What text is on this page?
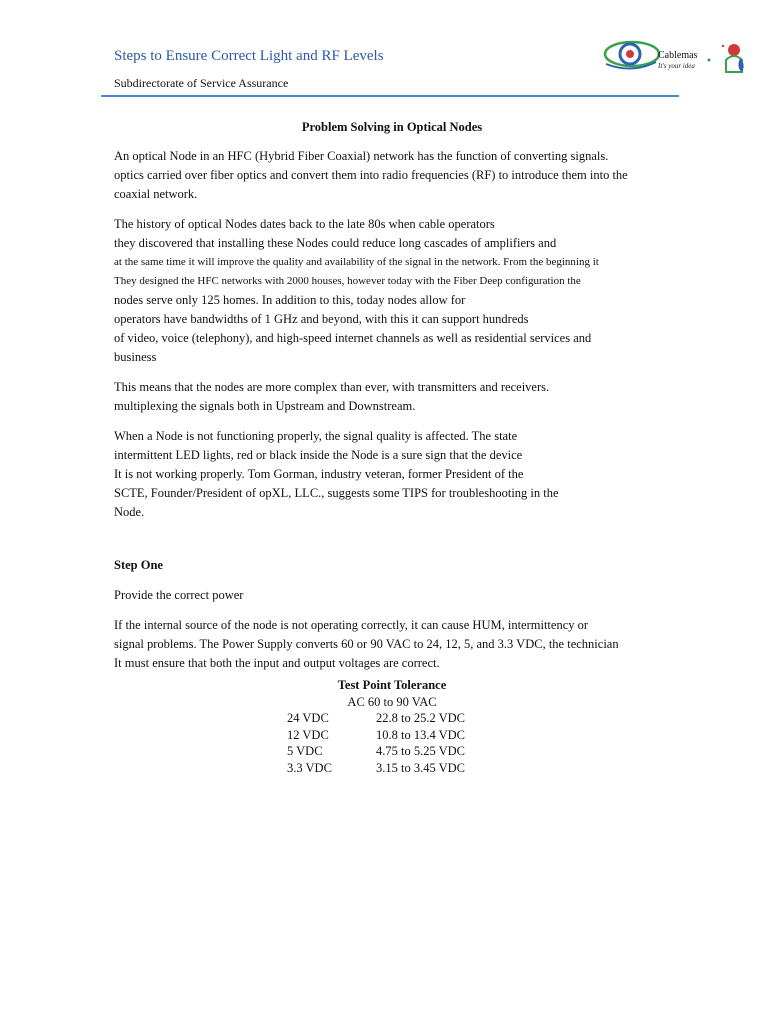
Steps to Ensure Correct Light and RF Levels
Subdirectorate of Service Assurance
Cablemas
It's your idea
Problem Solving in Optical Nodes

An optical Node in an HFC (Hybrid Fiber Coaxial) network has the function of converting signals.
optics carried over fiber optics and convert them into radio frequencies (RF) to introduce them into the
coaxial network.

The history of optical Nodes dates back to the late 80s when cable operators
they discovered that installing these Nodes could reduce long cascades of amplifiers and
at the same time it will improve the quality and availability of the signal in the network. From the beginning it
They designed the HFC networks with 2000 houses, however today with the Fiber Deep configuration the
nodes serve only 125 homes. In addition to this, today nodes allow for
operators have bandwidths of 1 GHz and beyond, with this it can support hundreds
of video, voice (telephony), and high-speed internet channels as well as residential services and
business

This means that the nodes are more complex than ever, with transmitters and receivers.
multiplexing the signals both in Upstream and Downstream.

When a Node is not functioning properly, the signal quality is affected. The state
intermittent LED lights, red or black inside the Node is a sure sign that the device
It is not working properly. Tom Gorman, industry veteran, former President of the
SCTE, Founder/President of opXL, LLC., suggests some TIPS for troubleshooting in the
Node.

Step One

Provide the correct power

If the internal source of the node is not operating correctly, it can cause HUM, intermittency or
signal problems. The Power Supply converts 60 or 90 VAC to 24, 12, 5, and 3.3 VDC, the technician
It must ensure that both the input and output voltages are correct.

Test Point Tolerance
AC 60 to 90 VAC
24 VDC	22.8 to 25.2 VDC
12 VDC	10.8 to 13.4 VDC
5 VDC	4.75 to 5.25 VDC
3.3 VDC	3.15 to 3.45 VDC
